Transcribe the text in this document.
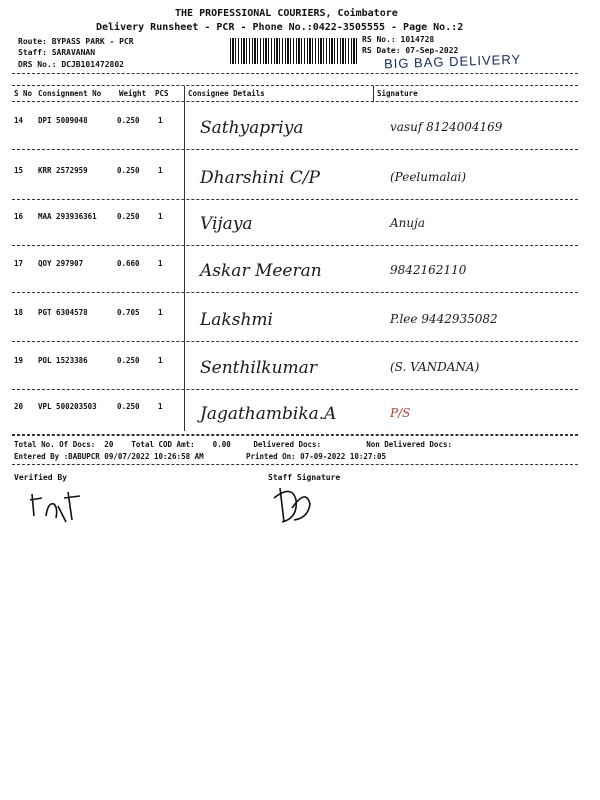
THE PROFESSIONAL COURIERS, Coimbatore
Delivery Runsheet - PCR - Phone No.:0422-3505555 - Page No.:2
Route: BYPASS PARK - PCR
Staff: SARAVANAN
DRS No.: DCJB101472802
RS No.: 1014728
RS Date: 07-Sep-2022
BIG BAG DELIVERY
S No Consignment No Weight PCS	Consignee Details	Signature
14 DPI 5009048	0.250 1 Sathyapriya	vasuf 8124004169
15 KRR 2572959	0.250 1 Dharshini C/P	(Peelumalai)
16 MAA 293936361	0.250 1 Vijaya	Anuja
17 QOY 297907	0.660 1 Askar Meeran	9842162110
18 PGT 6304578	0.705 1 Lakshmi	P.lee 9442935082
19 POL 1523386	0.250 1 Senthilkumar	(S. VANDANA)
20 VPL 500203503	0.250 1 Jagathambika.A	P/S
Total No. Of Docs:  20    Total COD Amt:    0.00     Delivered Docs:          Non Delivered Docs:
Entered By :BABUPCR 09/07/2022 10:26:58 AM	Printed On: 07-09-2022 10:27:05
Verified By	Staff Signature
